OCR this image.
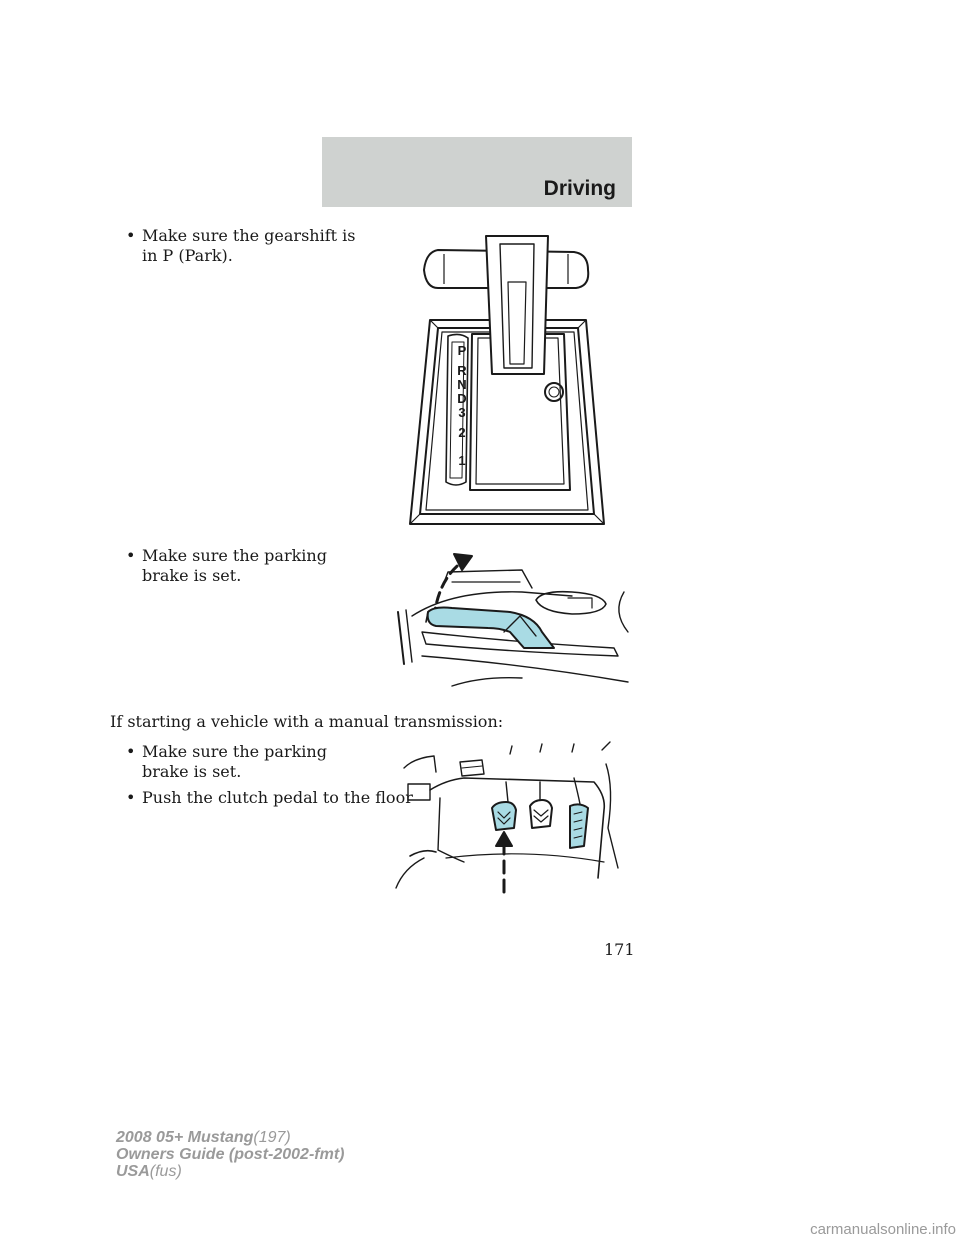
Driving
• Make sure the gearshift is in P (Park).
P
R
N
D
3
2
1
• Make sure the parking brake is set.
If starting a vehicle with a manual transmission:
• Make sure the parking brake is set.
• Push the clutch pedal to the floor
171
2008 05+ Mustang(197)
Owners Guide (post-2002-fmt)
USA(fus)
carmanualsonline.info
